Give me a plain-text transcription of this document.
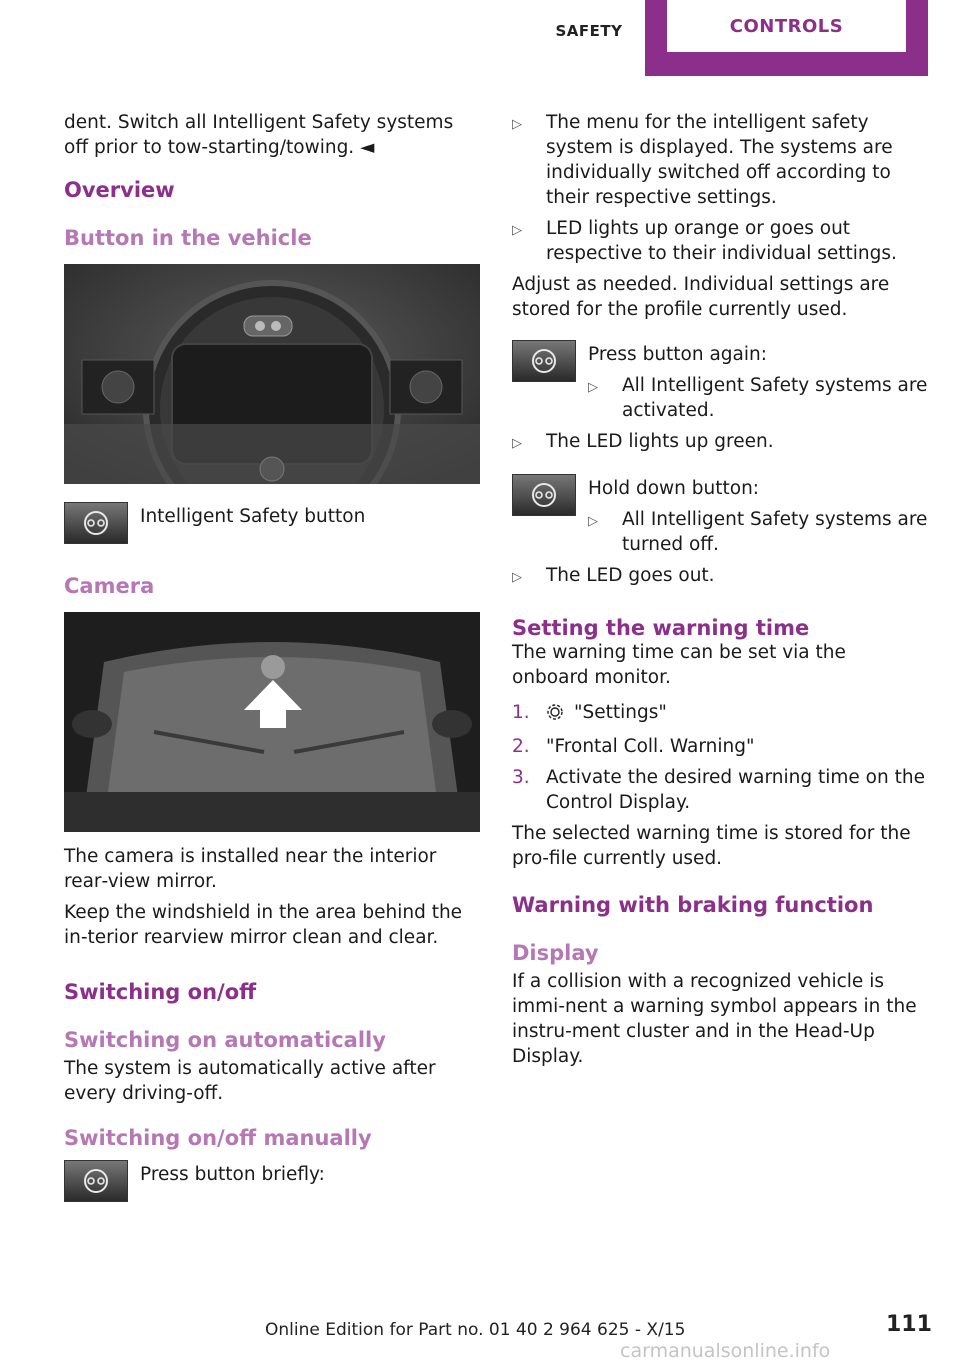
SAFETY	CONTROLS

dent. Switch all Intelligent Safety systems off prior to tow-starting/towing. ◄

Overview
Button in the vehicle
Intelligent Safety button
Camera

The camera is installed near the interior rear‐view mirror.

Keep the windshield in the area behind the in‐terior rearview mirror clean and clear.

Switching on/off
Switching on automatically

The system is automatically active after every driving-off.

Switching on/off manually
Press button briefly:
▷	The menu for the intelligent safety system is displayed. The systems are individually switched off according to their respective settings.
▷	LED lights up orange or goes out respective to their individual settings.

Adjust as needed. Individual settings are stored for the profile currently used.

Press button again:
▷	All Intelligent Safety systems are activated.
▷	The LED lights up green.
Hold down button:
▷	All Intelligent Safety systems are turned off.
▷	The LED goes out.
Setting the warning time

The warning time can be set via the onboard monitor.

1.	"Settings"
2. "Frontal Coll. Warning"
3. Activate the desired warning time on the Control Display.

The selected warning time is stored for the pro‐file currently used.

Warning with braking function
Display

If a collision with a recognized vehicle is immi‐nent a warning symbol appears in the instru‐ment cluster and in the Head-Up Display.

111
Online Edition for Part no. 01 40 2 964 625 - X/15
carmanualsonline.info
